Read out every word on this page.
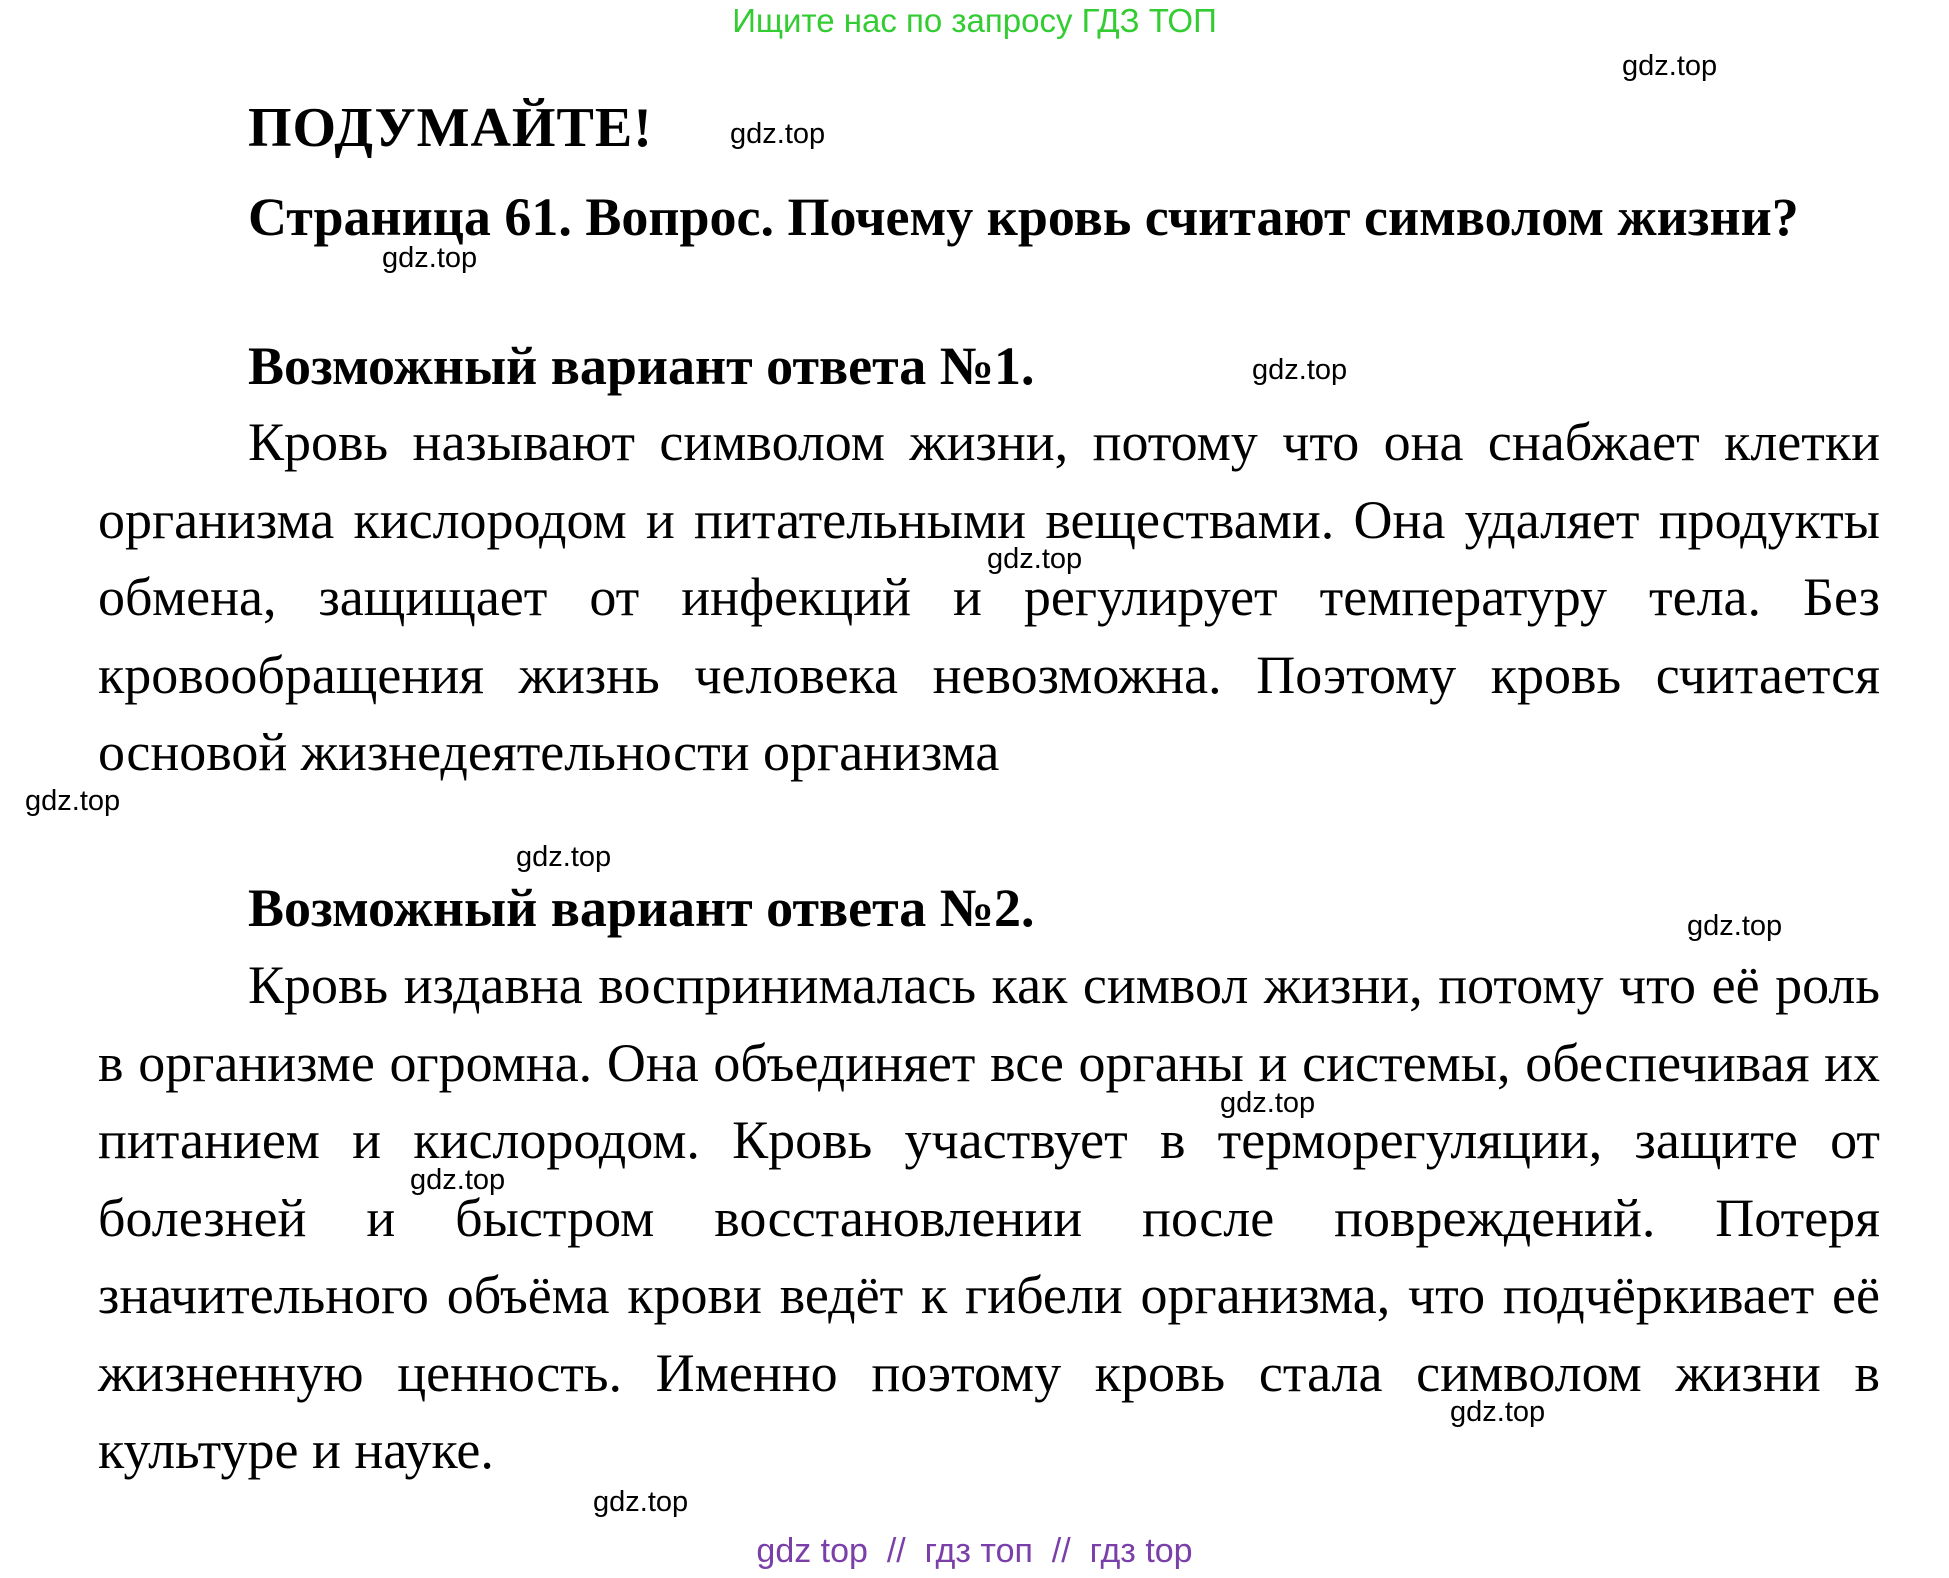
Ищите нас по запросу ГДЗ ТОП
gdz.top
ПОДУМАЙТЕ!	gdz.top
Страница 61. Вопрос. Почему кровь считают символом жизни?
gdz.top
Возможный вариант ответа №1.	gdz.top

Кровь называют символом жизни, потому что она снабжает клетки организма кислородом и питательными веществами. Она удаляет продукты обмена, защищает от инфекций и регулирует температуру тела. Без кровообращения жизнь человека невозможна. Поэтому кровь считается основой жизнедеятельности организма

gdz.top
gdz.top
gdz.top
Возможный вариант ответа №2.	gdz.top

Кровь издавна воспринималась как символ жизни, потому что её роль в организме огромна. Она объединяет все органы и системы, обеспечивая их питанием и кислородом. Кровь участвует в терморегуляции, защите от болезней и быстром восстановлении после повреждений. Потеря значительного объёма крови ведёт к гибели организма, что подчёркивает её жизненную ценность. Именно поэтому кровь стала символом жизни в культуре и науке.

gdz.top
gdz.top
gdz.top
gdz.top
gdz top  //  гдз топ  //  гдз top
